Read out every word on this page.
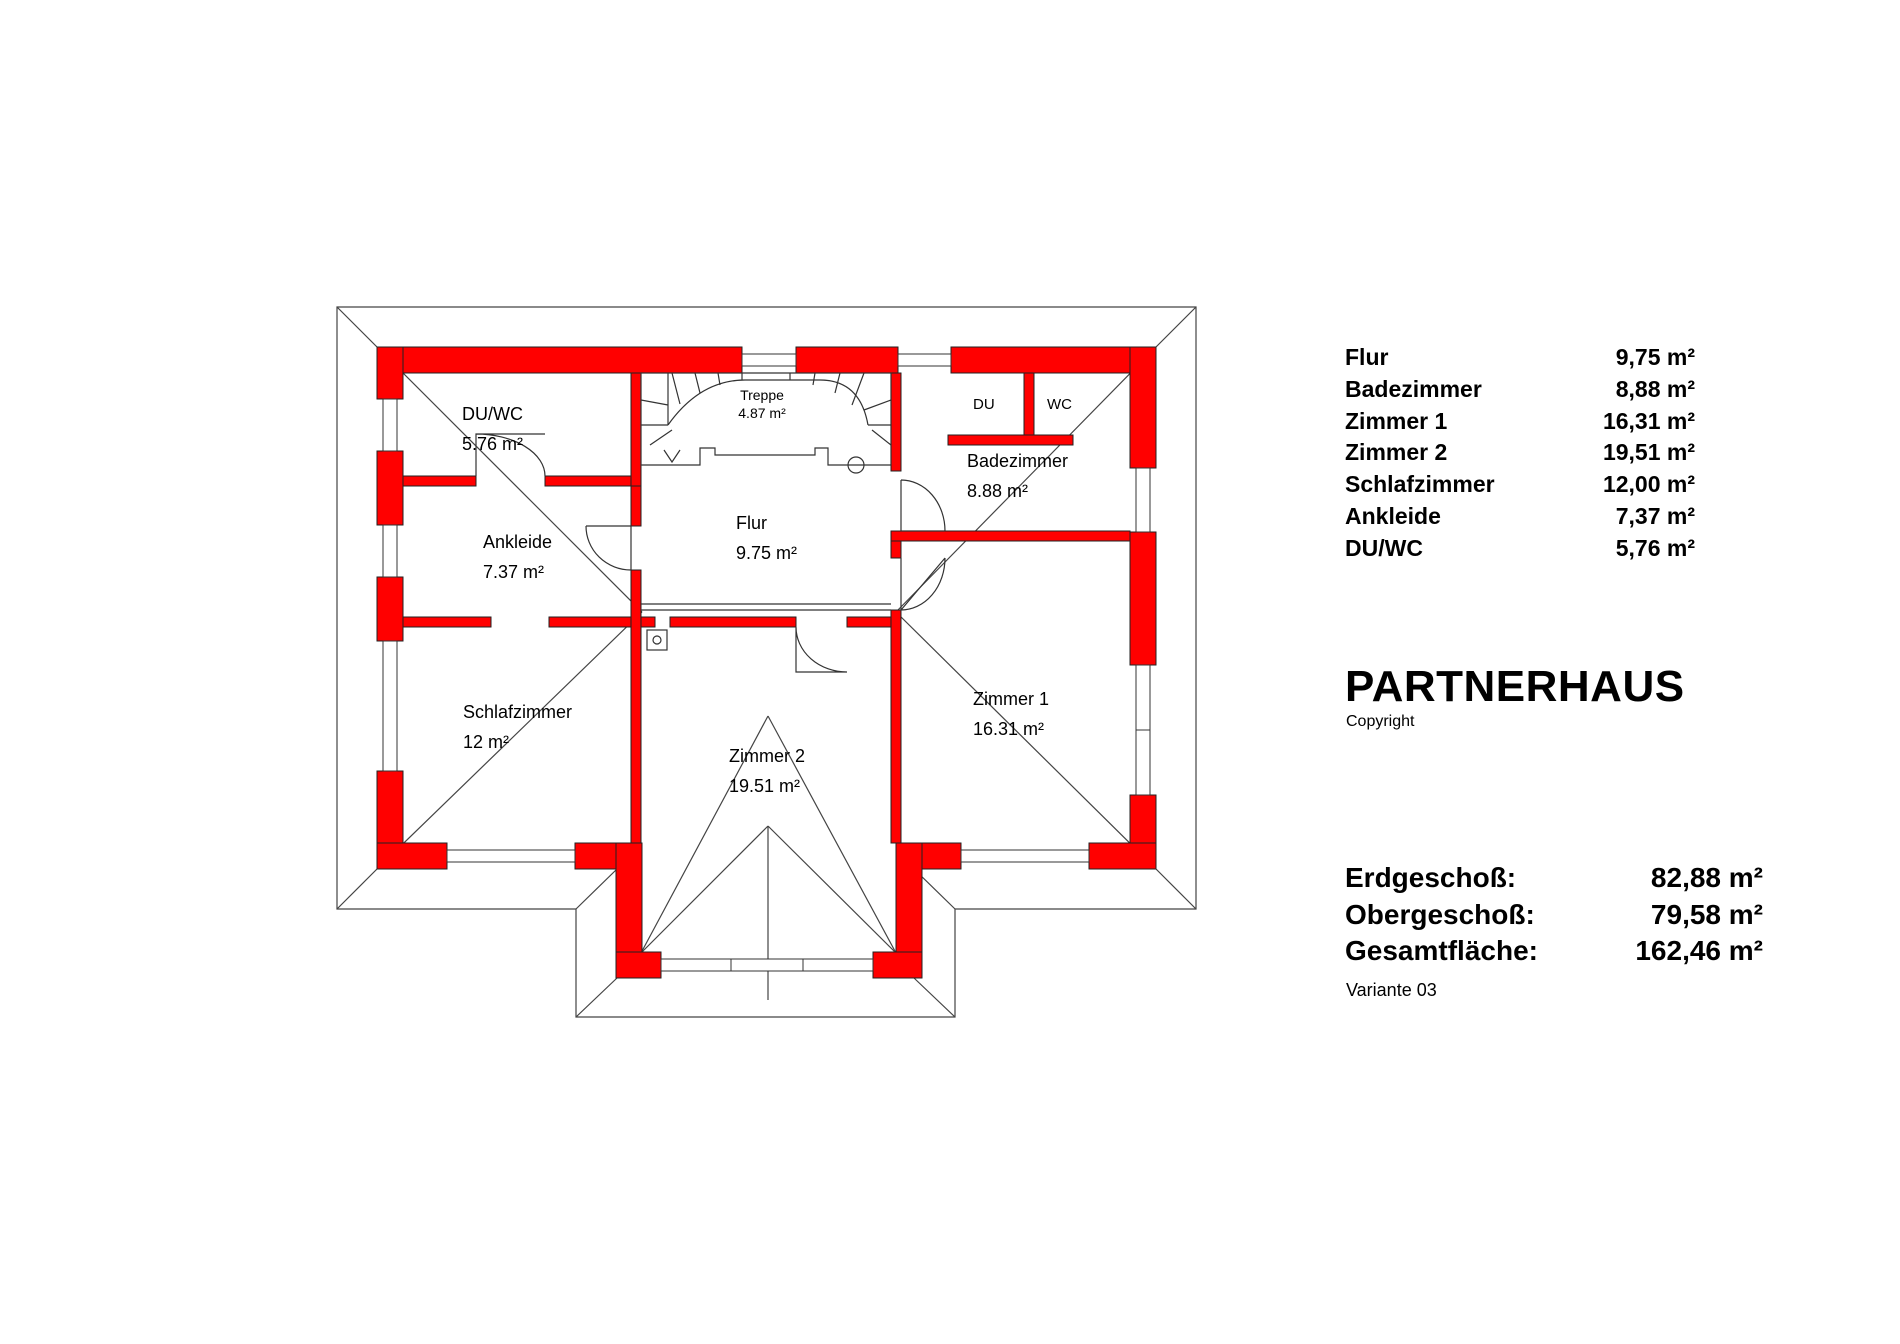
DU/WC
5.76 m²
Treppe
4.87 m²	DU	WC
Badezimmer
8.88 m²
Ankleide
7.37 m²
Flur
9.75 m²
Schlafzimmer
12 m²
Zimmer 2
19.51 m²
Zimmer 1
16.31 m²
Flur	9,75 m²
Badezimmer	8,88 m²
Zimmer 1	16,31 m²
Zimmer 2	19,51 m²
Schlafzimmer	12,00 m²
Ankleide	7,37 m²
DU/WC	5,76 m²
PARTNERHAUS
Copyright
Erdgeschoß:	82,88 m²
Obergeschoß:	79,58 m²
Gesamtfläche:	162,46 m²
Variante 03
